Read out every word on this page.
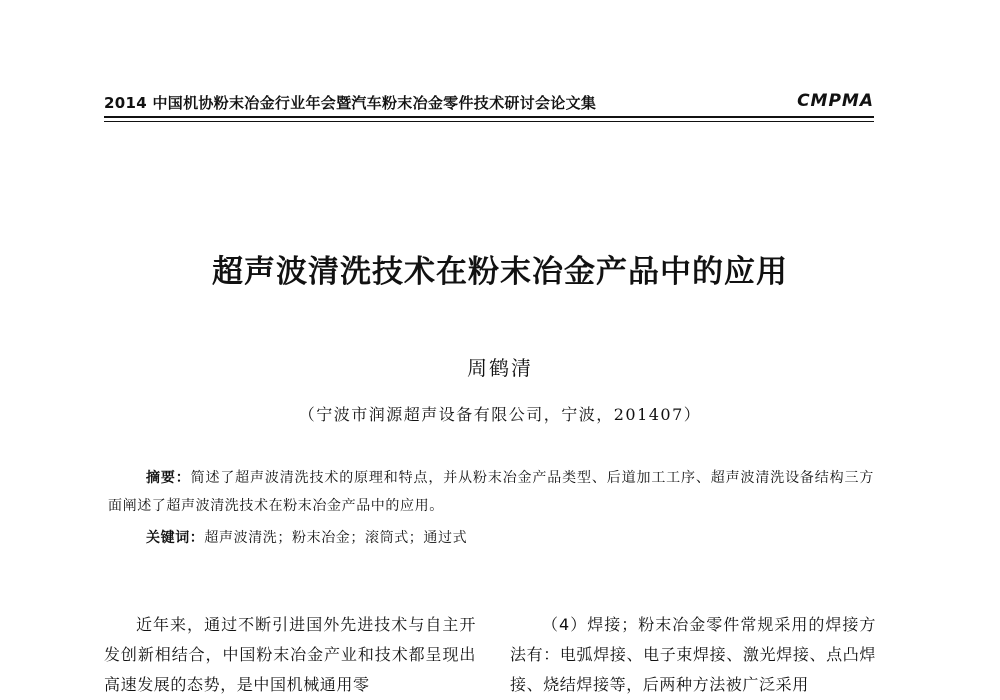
2014 中国机协粉末冶金行业年会暨汽车粉末冶金零件技术研讨会论文集	CMPMA
超声波清洗技术在粉末冶金产品中的应用
周鹤清
（宁波市润源超声设备有限公司，宁波，201407）
摘要：简述了超声波清洗技术的原理和特点，并从粉末冶金产品类型、后道加工工序、超声波清洗设备结构三方面阐述了超声波清洗技术在粉末冶金产品中的应用。
关键词：超声波清洗；粉末冶金；滚筒式；通过式

近年来，通过不断引进国外先进技术与自主开发创新相结合，中国粉末冶金产业和技术都呈现出高速发展的态势，是中国机械通用零

（4）焊接；粉末冶金零件常规采用的焊接方法有：电弧焊接、电子束焊接、激光焊接、点凸焊接、烧结焊接等，后两种方法被广泛采用
